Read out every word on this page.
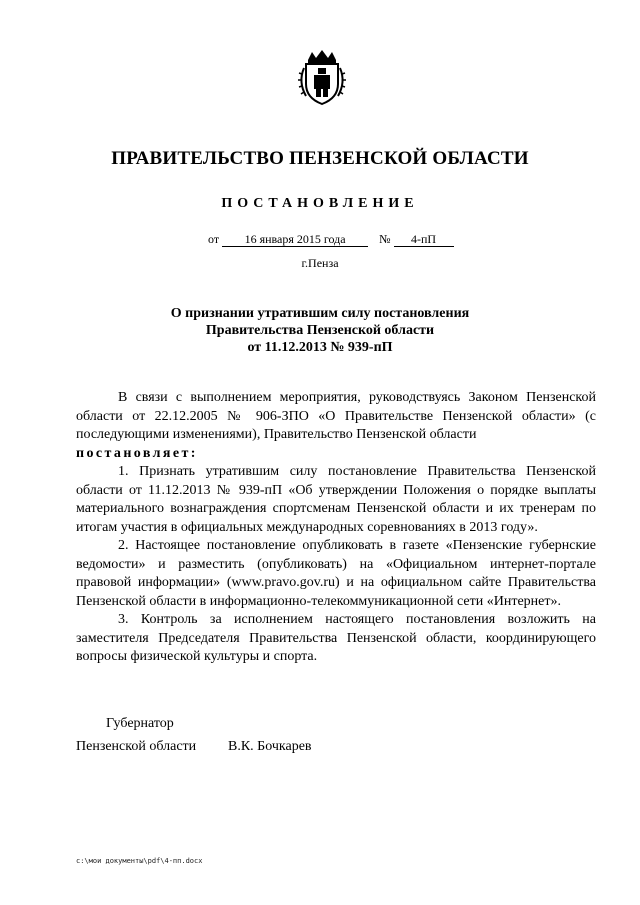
ПРАВИТЕЛЬСТВО ПЕНЗЕНСКОЙ ОБЛАСТИ
ПОСТАНОВЛЕНИЕ
от 16 января 2015 года	№ 4-пП
г.Пенза
О признании утратившим силу постановления
Правительства Пензенской области
от 11.12.2013 № 939-пП

В связи с выполнением мероприятия, руководствуясь Законом Пензенской области от 22.12.2005 № 906-ЗПО «О Правительстве Пензенской области» (с последующими изменениями), Правительство Пензенской области

постановляет:

1. Признать утратившим силу постановление Правительства Пензенской области от 11.12.2013 № 939-пП «Об утверждении Положения о порядке выплаты материального вознаграждения спортсменам Пензенской области и их тренерам по итогам участия в официальных международных соревнованиях в 2013 году».

2. Настоящее постановление опубликовать в газете «Пензенские губернские ведомости» и разместить (опубликовать) на «Официальном интернет-портале правовой информации» (www.pravo.gov.ru) и на официальном сайте Правительства Пензенской области в информационно-телекоммуникационной сети «Интернет».

3. Контроль за исполнением настоящего постановления возложить на заместителя Председателя Правительства Пензенской области, координирующего вопросы физической культуры и спорта.

Губернатор
Пензенской области В.К. Бочкарев
c:\мои документы\pdf\4-пп.docx
